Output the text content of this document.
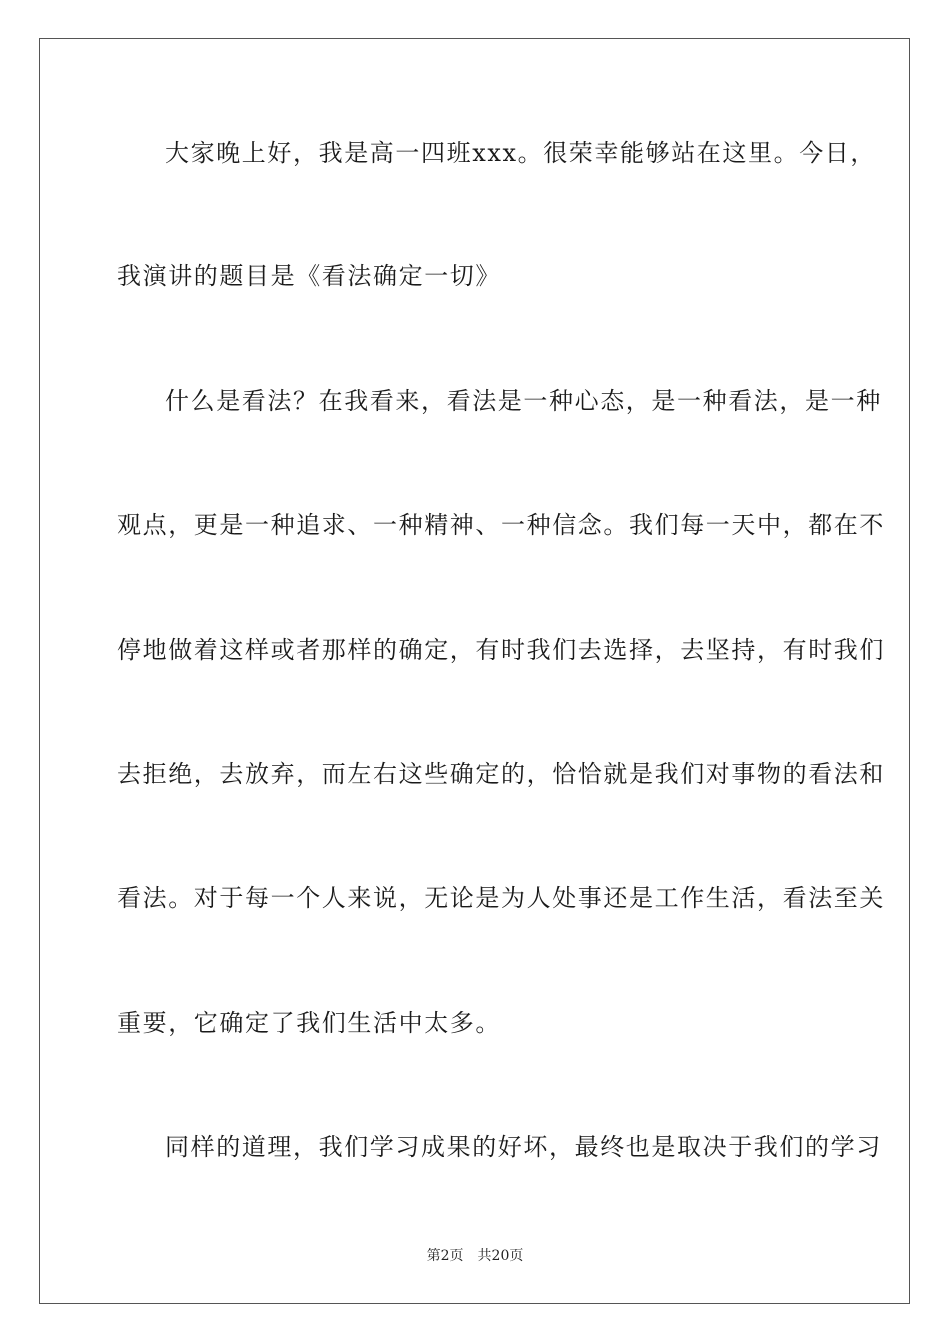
大家晚上好，我是高一四班xxx。很荣幸能够站在这里。今日，
我演讲的题目是《看法确定一切》
什么是看法？在我看来，看法是一种心态，是一种看法，是一种
观点，更是一种追求、一种精神、一种信念。我们每一天中，都在不
停地做着这样或者那样的确定，有时我们去选择，去坚持，有时我们
去拒绝，去放弃，而左右这些确定的，恰恰就是我们对事物的看法和
看法。对于每一个人来说，无论是为人处事还是工作生活，看法至关
重要，它确定了我们生活中太多。
同样的道理，我们学习成果的好坏，最终也是取决于我们的学习
第2页 共20页
